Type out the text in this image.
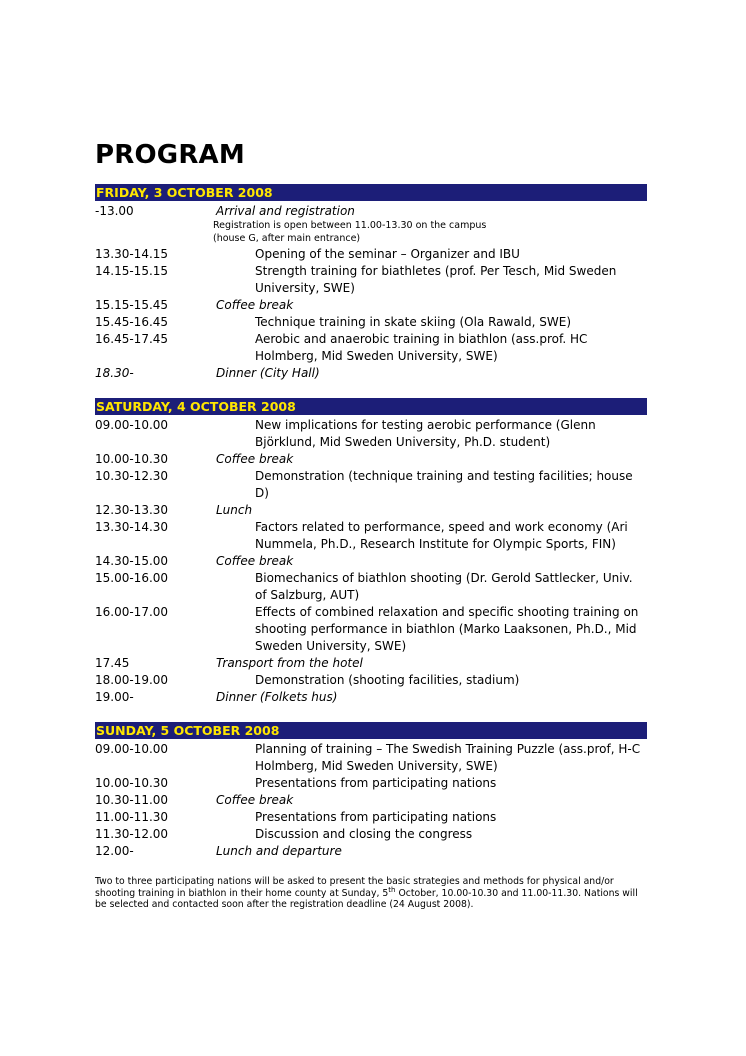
PROGRAM
FRIDAY, 3 OCTOBER 2008
-13.00	Arrival and registration
Registration is open between 11.00-13.30 on the campus
(house G, after main entrance)
13.30-14.15	Opening of the seminar – Organizer and IBU
14.15-15.15	Strength training for biathletes (prof. Per Tesch, Mid Sweden University, SWE)
15.15-15.45	Coffee break
15.45-16.45	Technique training in skate skiing (Ola Rawald, SWE)
16.45-17.45	Aerobic and anaerobic training in biathlon (ass.prof. HC Holmberg, Mid Sweden University, SWE)
18.30-	Dinner (City Hall)
SATURDAY, 4 OCTOBER 2008
09.00-10.00	New implications for testing aerobic performance (Glenn Björklund, Mid Sweden University, Ph.D. student)
10.00-10.30	Coffee break
10.30-12.30	Demonstration (technique training and testing facilities; house D)
12.30-13.30	Lunch
13.30-14.30	Factors related to performance, speed and work economy (Ari Nummela, Ph.D., Research Institute for Olympic Sports, FIN)
14.30-15.00	Coffee break
15.00-16.00	Biomechanics of biathlon shooting (Dr. Gerold Sattlecker, Univ. of Salzburg, AUT)
16.00-17.00	Effects of combined relaxation and specific shooting training on shooting performance in biathlon (Marko Laaksonen, Ph.D., Mid Sweden University, SWE)
17.45	Transport from the hotel
18.00-19.00	Demonstration (shooting facilities, stadium)
19.00-	Dinner (Folkets hus)
SUNDAY, 5 OCTOBER 2008
09.00-10.00	Planning of training – The Swedish Training Puzzle (ass.prof, H-C Holmberg, Mid Sweden University, SWE)
10.00-10.30	Presentations from participating nations
10.30-11.00	Coffee break
11.00-11.30	Presentations from participating nations
11.30-12.00	Discussion and closing the congress
12.00-	Lunch and departure

Two to three participating nations will be asked to present the basic strategies and methods for physical and/or shooting training in biathlon in their home county at Sunday, 5th October, 10.00-10.30 and 11.00-11.30. Nations will be selected and contacted soon after the registration deadline (24 August 2008).
